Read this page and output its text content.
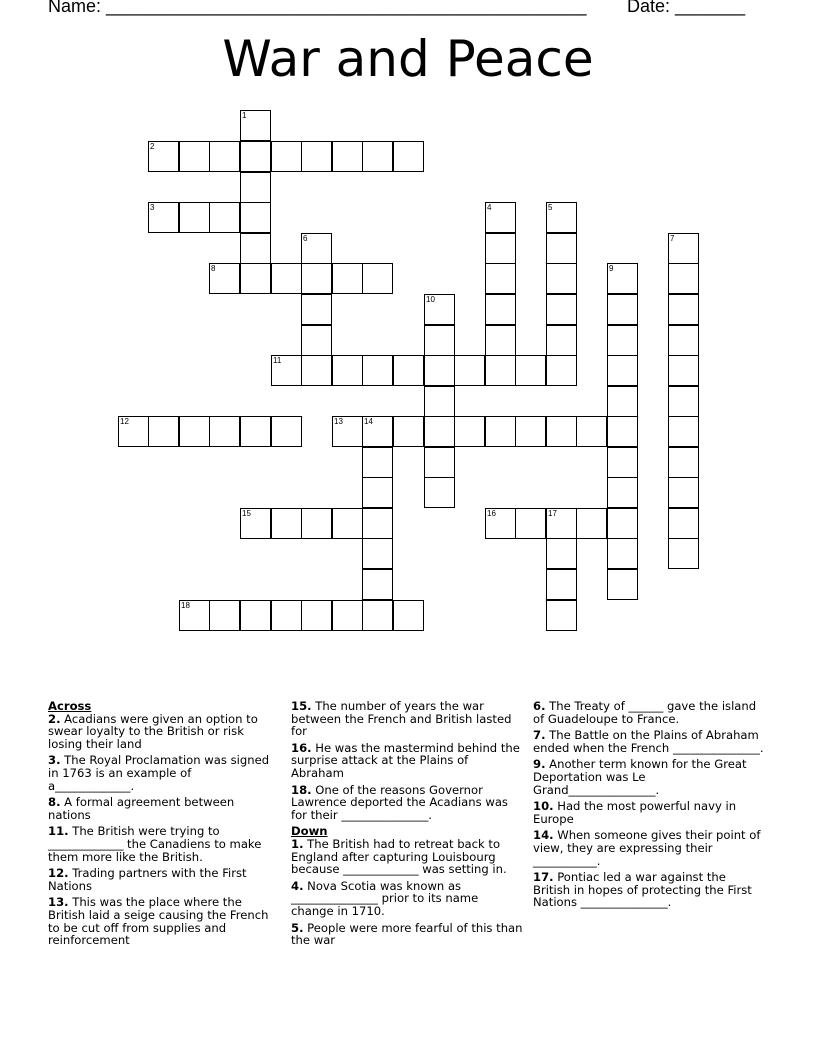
Name: ________________________________________________ Date: _______
War and Peace
1
2
3	4	5
6	7
8	9
10
11
12	13	14
15	16	17
18
Across
2. Acadians were given an option to swear loyalty to the British or risk losing their land
3. The Royal Proclamation was signed in 1763 is an example of a_____________.
8. A formal agreement between nations
11. The British were trying to _____________ the Canadiens to make them more like the British.
12. Trading partners with the First Nations
13. This was the place where the British laid a seige causing the French to be cut off from supplies and reinforcement
15. The number of years the war between the French and British lasted for
16. He was the mastermind behind the surprise attack at the Plains of Abraham
18. One of the reasons Governor Lawrence deported the Acadians was for their _______________.
Down
1. The British had to retreat back to England after capturing Louisbourg because _____________ was setting in.
4. Nova Scotia was known as _______________ prior to its name change in 1710.
5. People were more fearful of this than the war
6. The Treaty of ______ gave the island of Guadeloupe to France.
7. The Battle on the Plains of Abraham ended when the French _______________.
9. Another term known for the Great Deportation was Le Grand_______________.
10. Had the most powerful navy in Europe
14. When someone gives their point of view, they are expressing their ___________.
17. Pontiac led a war against the British in hopes of protecting the First Nations _______________.
